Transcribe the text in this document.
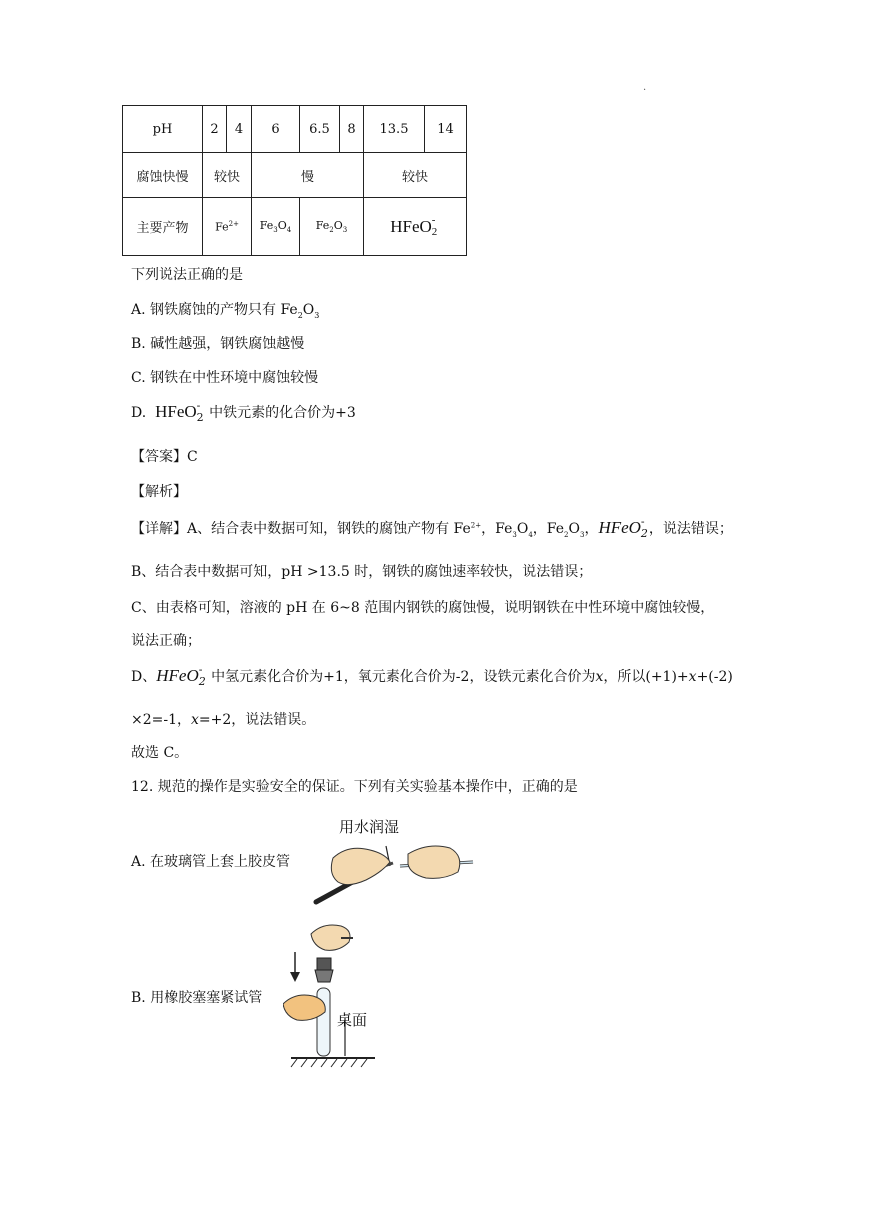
.
pH	2	4	6	6.5	8	13.5	14
腐蚀快慢	较快		慢			较快	
主要产物	$Fe^{2+}$		$Fe_3O_4$	$Fe_2O_3$		HFeO -
2	
下列说法正确的是
A. 钢铁腐蚀的产物只有 $Fe_2O_3$
B. 碱性越强，钢铁腐蚀越慢
C. 钢铁在中性环境中腐蚀较慢
D. HFeO -
2 中铁元素的化合价为+3
【答案】C
【解析】
【详解】A、结合表中数据可知，钢铁的腐蚀产物有 $Fe^{2+}$，$Fe_3O_4$，$Fe_2O_3$，HFeO -
2 ，说法错误；
B、结合表中数据可知，pH >13.5 时，钢铁的腐蚀速率较快，说法错误；
C、由表格可知，溶液的 pH 在 6~8 范围内钢铁的腐蚀慢，说明钢铁在中性环境中腐蚀较慢，
说法正确；
D、HFeO -
2 中氢元素化合价为+1，氧元素化合价为-2，设铁元素化合价为x，所以(+1)+x+(-2)
×2=-1，x=+2，说法错误。
故选 C。
12. 规范的操作是实验安全的保证。下列有关实验基本操作中，正确的是
A. 在玻璃管上套上胶皮管
用水润湿
B. 用橡胶塞塞紧试管
桌面
